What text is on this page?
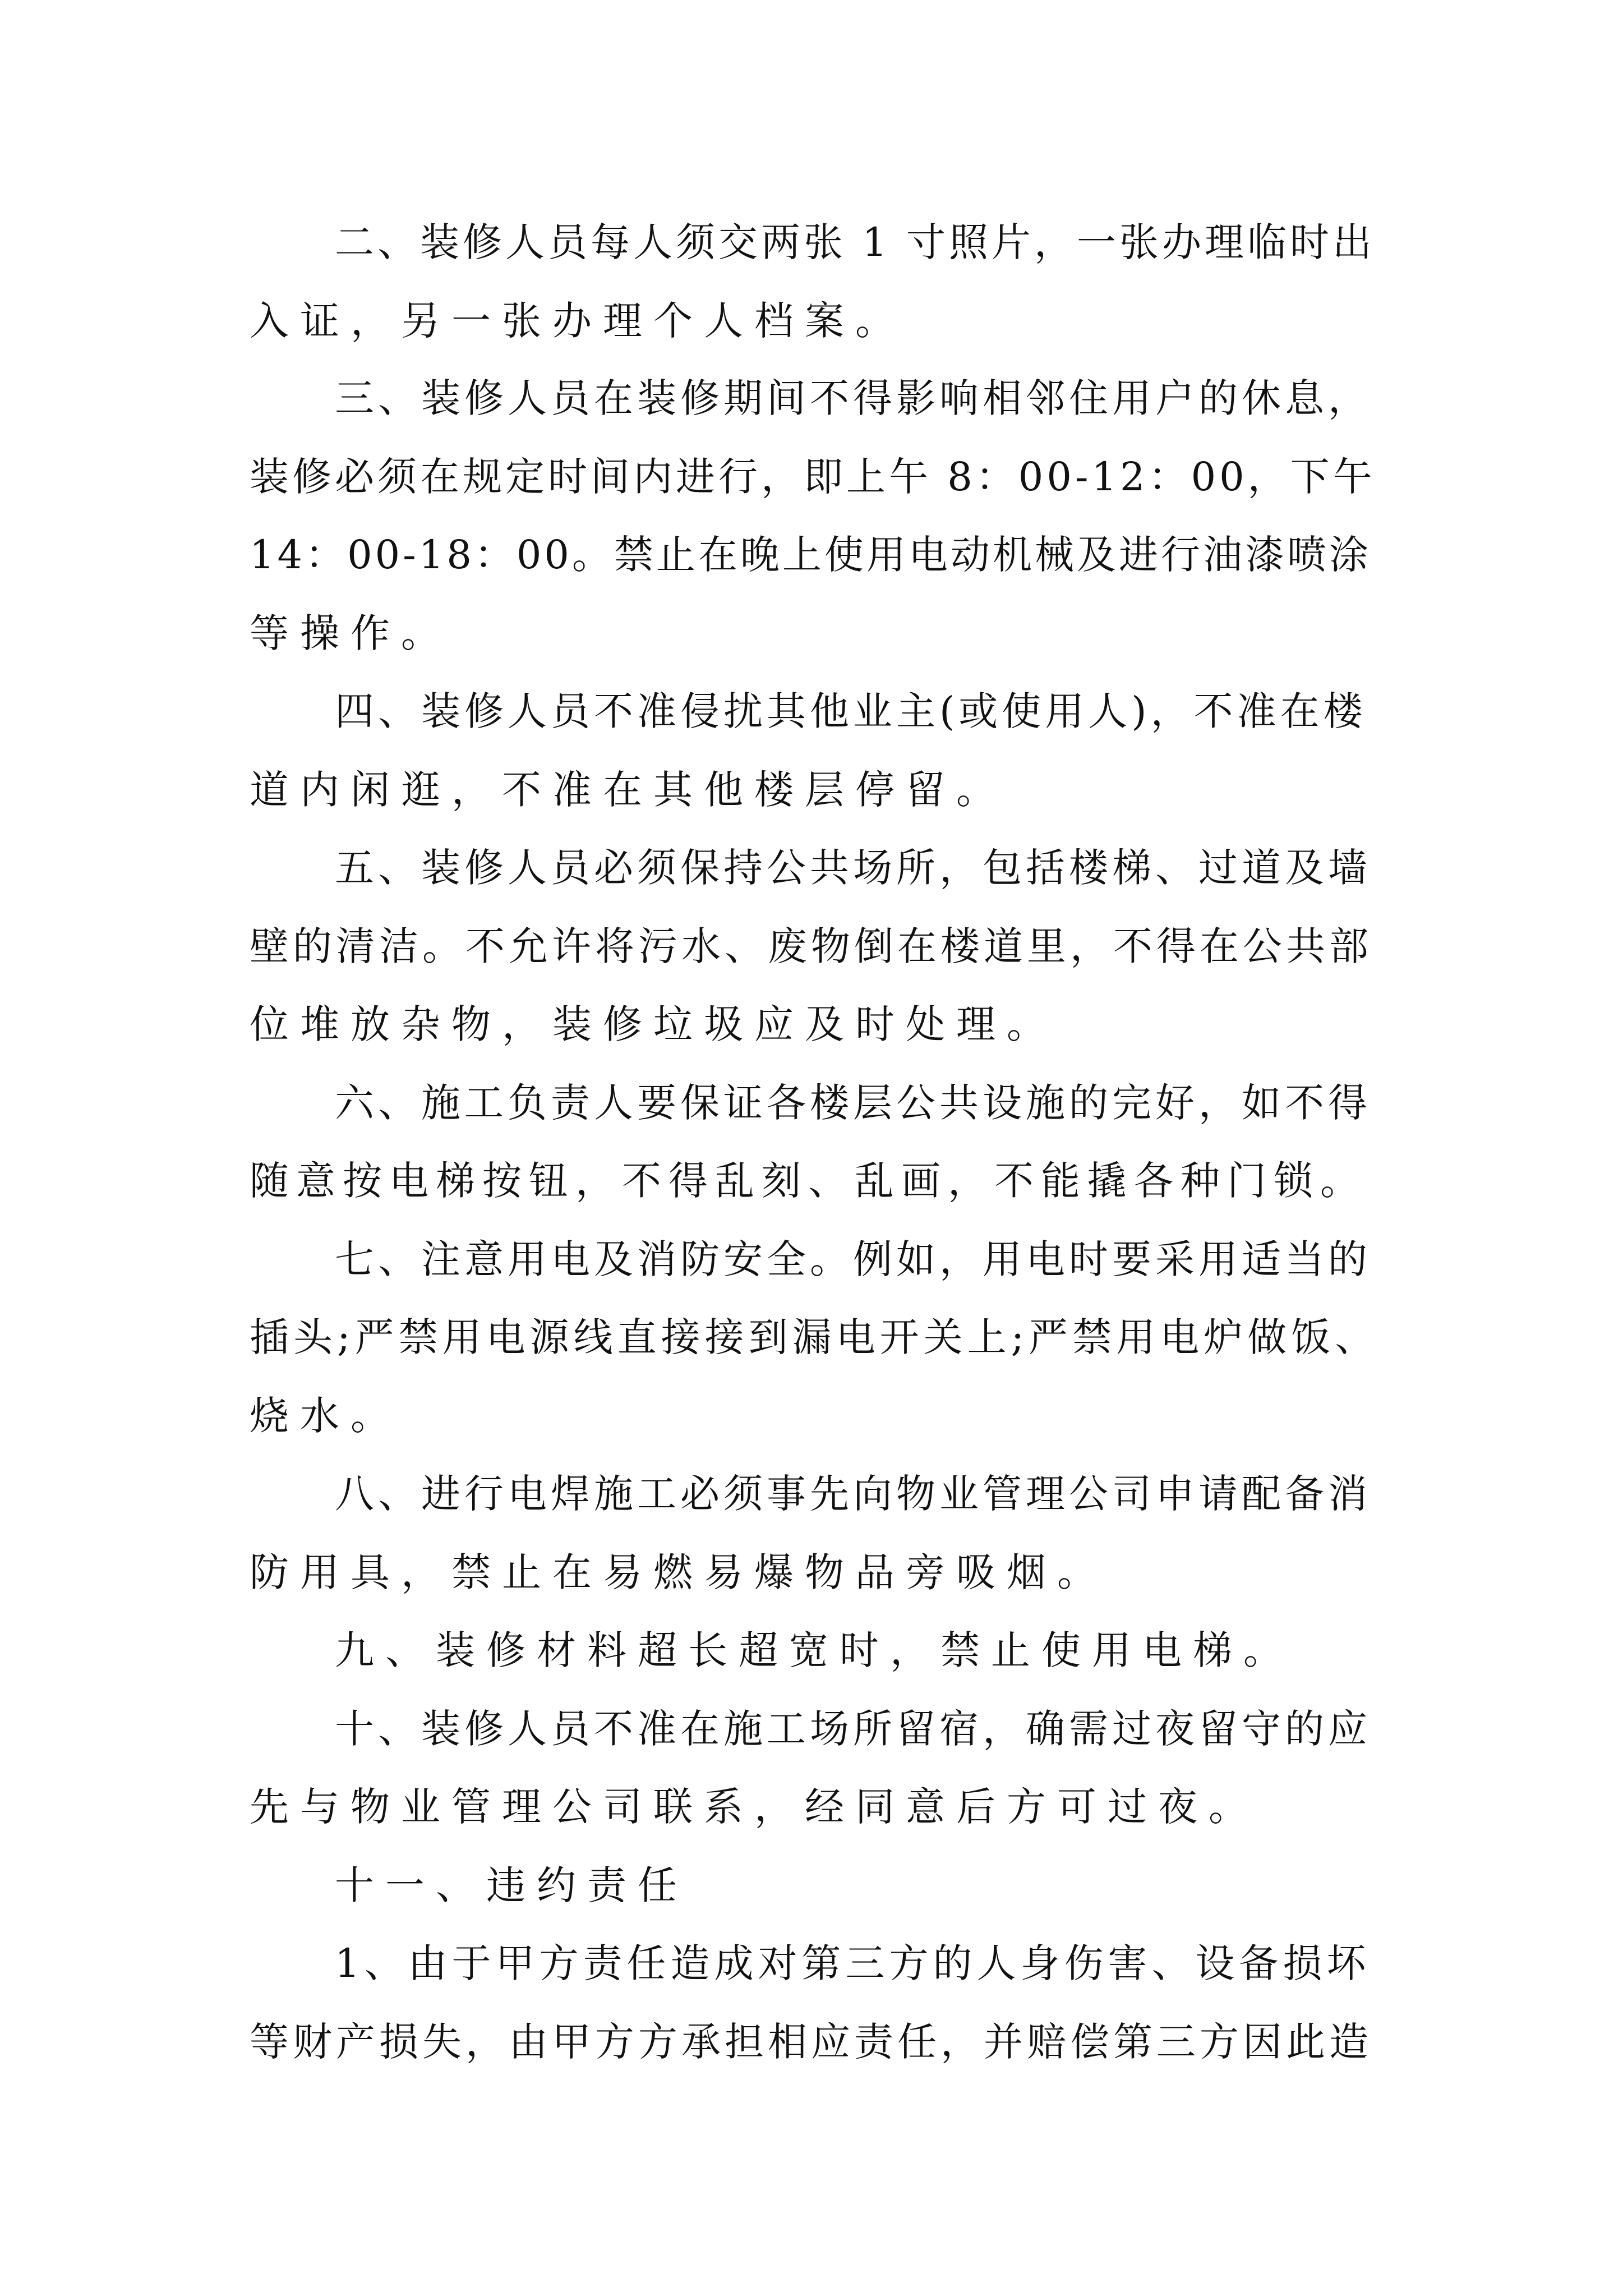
二、装修人员每人须交两张 1 寸照片，一张办理临时出
入证，另一张办理个人档案。
三、装修人员在装修期间不得影响相邻住用户的休息，
装修必须在规定时间内进行，即上午 8：00-12：00，下午
14：00-18：00。禁止在晚上使用电动机械及进行油漆喷涂
等操作。
四、装修人员不准侵扰其他业主(或使用人)，不准在楼
道内闲逛，不准在其他楼层停留。
五、装修人员必须保持公共场所，包括楼梯、过道及墙
壁的清洁。不允许将污水、废物倒在楼道里，不得在公共部
位堆放杂物，装修垃圾应及时处理。
六、施工负责人要保证各楼层公共设施的完好，如不得
随意按电梯按钮，不得乱刻、乱画，不能撬各种门锁。
七、注意用电及消防安全。例如，用电时要采用适当的
插头;严禁用电源线直接接到漏电开关上;严禁用电炉做饭、
烧水。
八、进行电焊施工必须事先向物业管理公司申请配备消
防用具，禁止在易燃易爆物品旁吸烟。
九、装修材料超长超宽时，禁止使用电梯。
十、装修人员不准在施工场所留宿，确需过夜留守的应
先与物业管理公司联系，经同意后方可过夜。
十一、违约责任
1、由于甲方责任造成对第三方的人身伤害、设备损坏
等财产损失，由甲方方承担相应责任，并赔偿第三方因此造
